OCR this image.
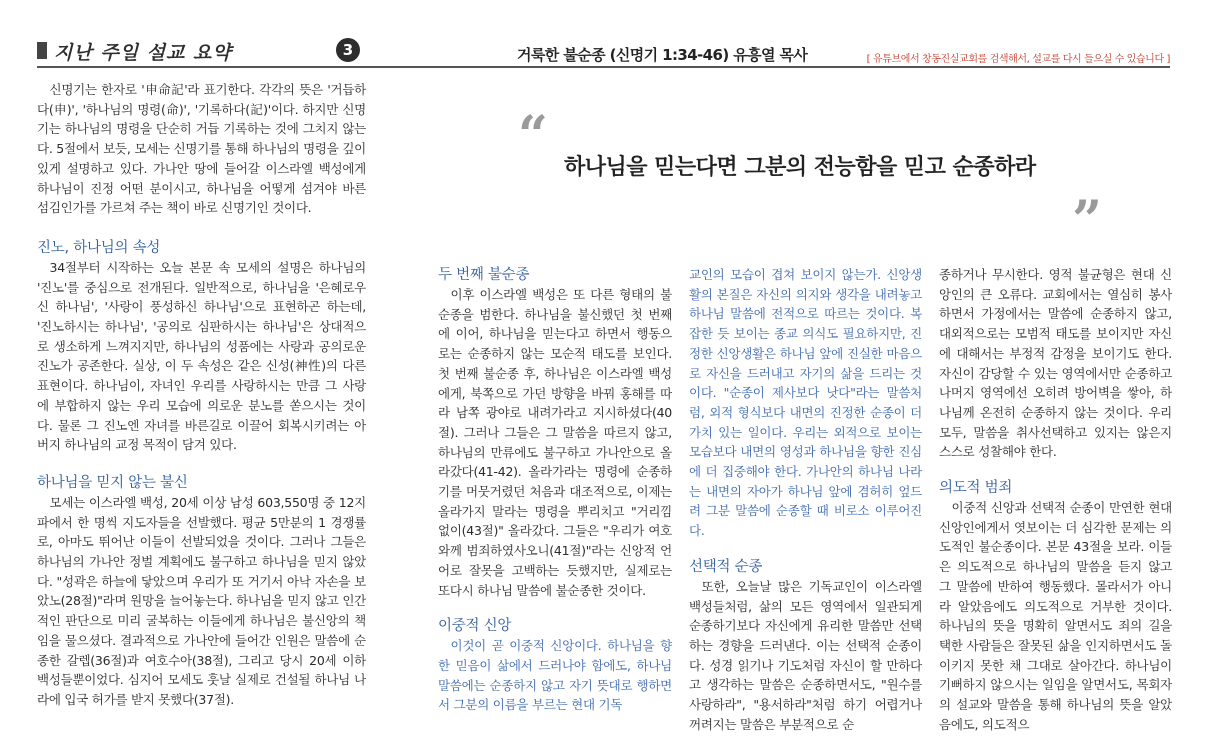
지난 주일 설교 요약	3	거룩한 불순종 (신명기 1:34-46) 유흥열 목사	[ 유튜브에서 창동진실교회를 검색해서, 설교를 다시 들으실 수 있습니다 ]

신명기는 한자로 '申命記'라 표기한다. 각각의 뜻은 '거듭하다(申)', '하나님의 명령(命)', '기록하다(記)'이다. 하지만 신명기는 하나님의 명령을 단순히 거듭 기록하는 것에 그치지 않는다. 5절에서 보듯, 모세는 신명기를 통해 하나님의 명령을 깊이 있게 설명하고 있다. 가나안 땅에 들어갈 이스라엘 백성에게 하나님이 진정 어떤 분이시고, 하나님을 어떻게 섬겨야 바른 섬김인가를 가르쳐 주는 책이 바로 신명기인 것이다.

진노, 하나님의 속성

34절부터 시작하는 오늘 본문 속 모세의 설명은 하나님의 '진노'를 중심으로 전개된다. 일반적으로, 하나님을 '은혜로우신 하나님', '사랑이 풍성하신 하나님'으로 표현하곤 하는데, '진노하시는 하나님', '공의로 심판하시는 하나님'은 상대적으로 생소하게 느껴지지만, 하나님의 성품에는 사랑과 공의로운 진노가 공존한다. 실상, 이 두 속성은 같은 신성(神性)의 다른 표현이다. 하나님이, 자녀인 우리를 사랑하시는 만큼 그 사랑에 부합하지 않는 우리 모습에 의로운 분노를 쏟으시는 것이다. 물론 그 진노엔 자녀를 바른길로 이끌어 회복시키려는 아버지 하나님의 교정 목적이 담겨 있다.

하나님을 믿지 않는 불신

모세는 이스라엘 백성, 20세 이상 남성 603,550명 중 12지파에서 한 명씩 지도자들을 선발했다. 평균 5만분의 1 경쟁률로, 아마도 뛰어난 이들이 선발되었을 것이다. 그러나 그들은 하나님의 가나안 정벌 계획에도 불구하고 하나님을 믿지 않았다. "성곽은 하늘에 닿았으며 우리가 또 거기서 아낙 자손을 보았노(28절)"라며 원망을 늘어놓는다. 하나님을 믿지 않고 인간적인 판단으로 미리 굴복하는 이들에게 하나님은 불신앙의 책임을 물으셨다. 결과적으로 가나안에 들어간 인원은 말씀에 순종한 갈렙(36절)과 여호수아(38절), 그리고 당시 20세 이하 백성들뿐이었다. 심지어 모세도 훗날 실제로 건설될 하나님 나라에 입국 허가를 받지 못했다(37절).

“
하나님을 믿는다면 그분의 전능함을 믿고 순종하라
”
두 번째 불순종

이후 이스라엘 백성은 또 다른 형태의 불순종을 범한다. 하나님을 불신했던 첫 번째에 이어, 하나님을 믿는다고 하면서 행동으로는 순종하지 않는 모순적 태도를 보인다. 첫 번째 불순종 후, 하나님은 이스라엘 백성에게, 북쪽으로 가던 방향을 바꿔 홍해를 따라 남쪽 광야로 내려가라고 지시하셨다(40절). 그러나 그들은 그 말씀을 따르지 않고, 하나님의 만류에도 불구하고 가나안으로 올라갔다(41-42). 올라가라는 명령에 순종하기를 머뭇거렸던 처음과 대조적으로, 이제는 올라가지 말라는 명령을 뿌리치고 "거리낌 없이(43절)" 올라갔다. 그들은 "우리가 여호와께 범죄하였사오니(41절)"라는 신앙적 언어로 잘못을 고백하는 듯했지만, 실제로는 또다시 하나님 말씀에 불순종한 것이다.

이중적 신앙

이것이 곧 이중적 신앙이다. 하나님을 향한 믿음이 삶에서 드러나야 함에도, 하나님 말씀에는 순종하지 않고 자기 뜻대로 행하면서 그분의 이름을 부르는 현대 기독

교인의 모습이 겹쳐 보이지 않는가. 신앙생활의 본질은 자신의 의지와 생각을 내려놓고 하나님 말씀에 전적으로 따르는 것이다. 복잡한 듯 보이는 종교 의식도 필요하지만, 진정한 신앙생활은 하나님 앞에 진실한 마음으로 자신을 드러내고 자기의 삶을 드리는 것이다. "순종이 제사보다 낫다"라는 말씀처럼, 외적 형식보다 내면의 진정한 순종이 더 가치 있는 일이다. 우리는 외적으로 보이는 모습보다 내면의 영성과 하나님을 향한 진심에 더 집중해야 한다. 가나안의 하나님 나라는 내면의 자아가 하나님 앞에 겸허히 엎드려 그분 말씀에 순종할 때 비로소 이루어진다.

선택적 순종

또한, 오늘날 많은 기독교인이 이스라엘 백성들처럼, 삶의 모든 영역에서 일관되게 순종하기보다 자신에게 유리한 말씀만 선택하는 경향을 드러낸다. 이는 선택적 순종이다. 성경 읽기나 기도처럼 자신이 할 만하다고 생각하는 말씀은 순종하면서도, "원수를 사랑하라", "용서하라"처럼 하기 어렵거나 꺼려지는 말씀은 부분적으로 순

종하거나 무시한다. 영적 불균형은 현대 신앙인의 큰 오류다. 교회에서는 열심히 봉사하면서 가정에서는 말씀에 순종하지 않고, 대외적으로는 모범적 태도를 보이지만 자신에 대해서는 부정적 감정을 보이기도 한다. 자신이 감당할 수 있는 영역에서만 순종하고 나머지 영역에선 오히려 방어벽을 쌓아, 하나님께 온전히 순종하지 않는 것이다. 우리 모두, 말씀을 취사선택하고 있지는 않은지 스스로 성찰해야 한다.

의도적 범죄

이중적 신앙과 선택적 순종이 만연한 현대 신앙인에게서 엿보이는 더 심각한 문제는 의도적인 불순종이다. 본문 43절을 보라. 이들은 의도적으로 하나님의 말씀을 듣지 않고 그 말씀에 반하여 행동했다. 몰라서가 아니라 알았음에도 의도적으로 거부한 것이다. 하나님의 뜻을 명확히 알면서도 죄의 길을 택한 사람들은 잘못된 삶을 인지하면서도 돌이키지 못한 채 그대로 살아간다. 하나님이 기뻐하지 않으시는 일임을 알면서도, 목회자의 설교와 말씀을 통해 하나님의 뜻을 알았음에도, 의도적으
